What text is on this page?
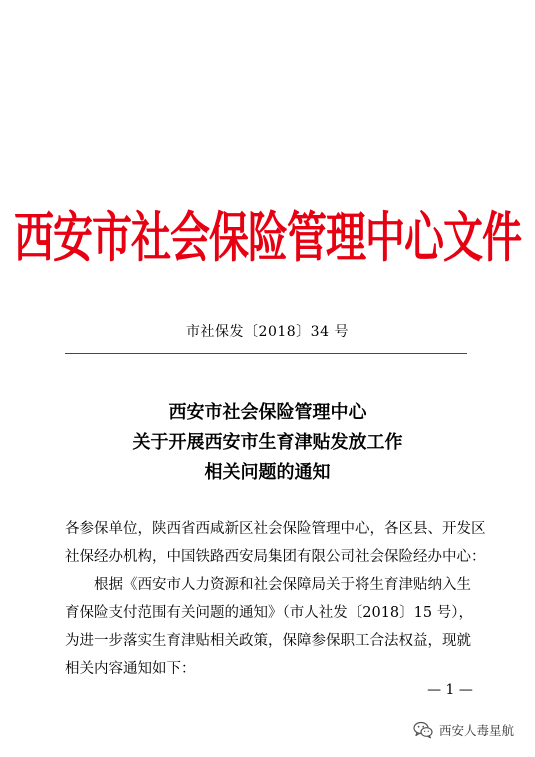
西安市社会保险管理中心文件
市社保发〔2018〕34 号
西安市社会保险管理中心
关于开展西安市生育津贴发放工作
相关问题的通知

各参保单位，陕西省西咸新区社会保险管理中心，各区县、开发区

社保经办机构，中国铁路西安局集团有限公司社会保险经办中心：

根据《西安市人力资源和社会保障局关于将生育津贴纳入生

育保险支付范围有关问题的通知》（市人社发〔2018〕15 号），

为进一步落实生育津贴相关政策，保障参保职工合法权益，现就

相关内容通知如下：

— 1 —
西安人毒星航
